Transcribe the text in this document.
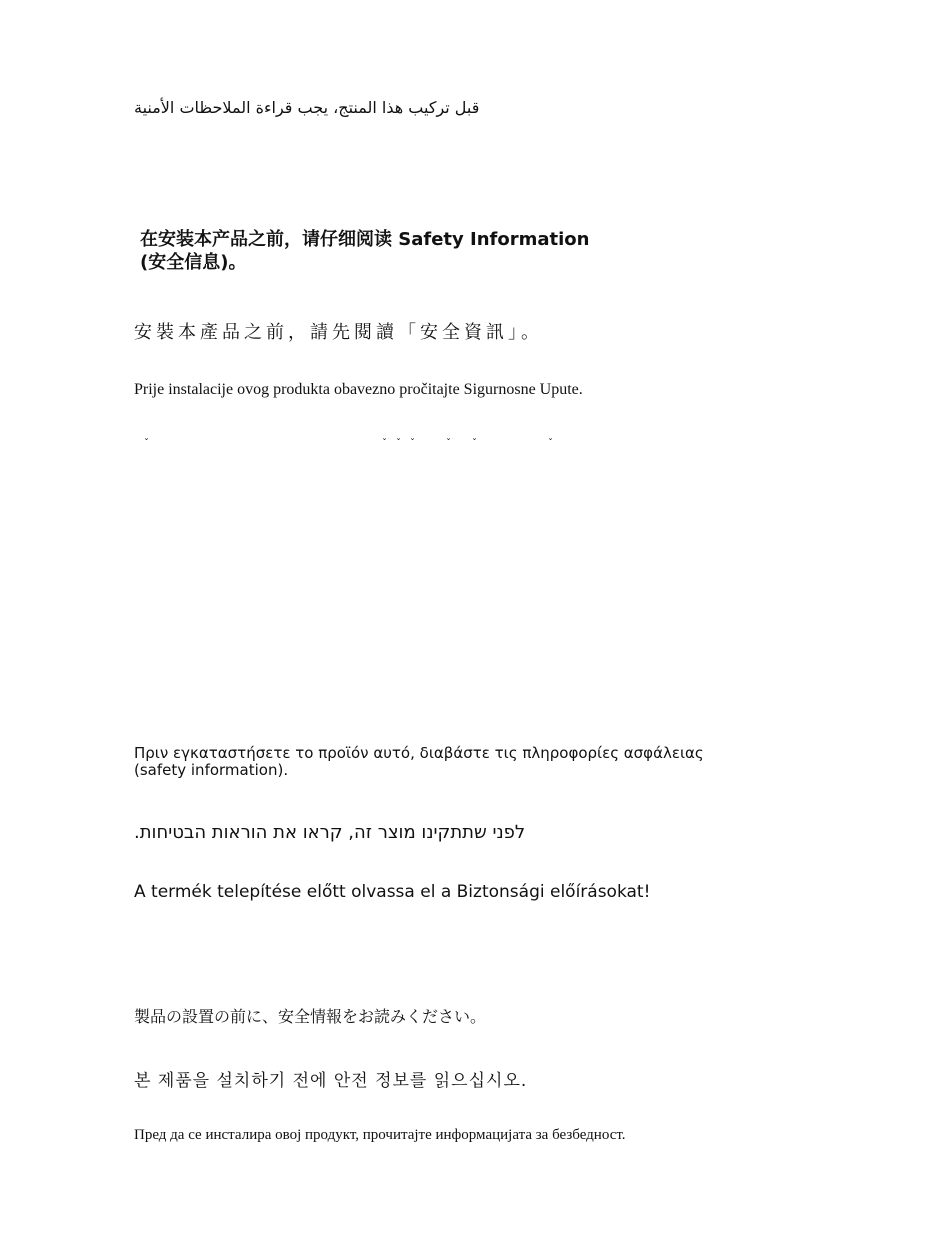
قبل تركيب هذا المنتج، يجب قراءة الملاحظات الأمنية

在安装本产品之前，请仔细阅读 Safety Information (安全信息)。

安裝本產品之前，請先閱讀「安全資訊」。

Prije instalacije ovog produkta obavezno pročitajte Sigurnosne Upute.

ˇ	ˇ ˇ ˇ	ˇ ˇ	ˇ

Πριν εγκαταστήσετε το προϊόν αυτό, διαβάστε τις πληροφορίες ασφάλειας (safety information).

לפני שתתקינו מוצר זה, קראו את הוראות הבטיחות.

A termék telepítése előtt olvassa el a Biztonsági előírásokat!

製品の設置の前に、安全情報をお読みください。

본 제품을 설치하기 전에 안전 정보를 읽으십시오.

Пред да се инсталира овој продукт, прочитајте информацијата за безбедност.
